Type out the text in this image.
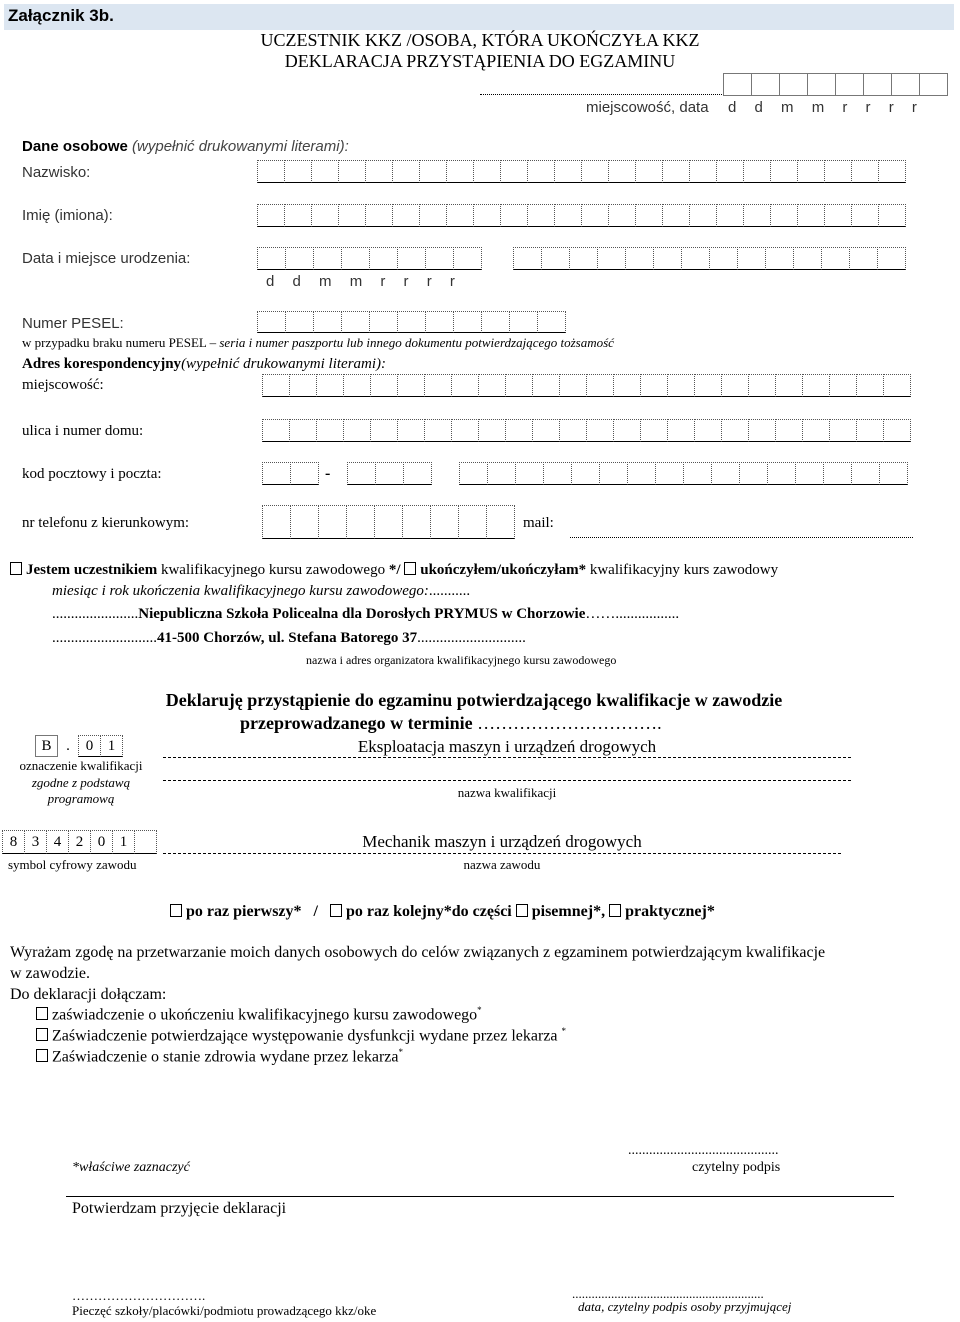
Załącznik 3b.
UCZESTNIK KKZ /OSOBA, KTÓRA UKOŃCZYŁA KKZ
DEKLARACJA PRZYSTĄPIENIA DO EGZAMINU
miejscowość, data d d m m r r r r
Dane osobowe (wypełnić drukowanymi literami):
Nazwisko:
Imię (imiona):
Data i miejsce urodzenia:
d d m m r r r r
Numer PESEL:
w przypadku braku numeru PESEL – seria i numer paszportu lub innego dokumentu potwierdzającego tożsamość
Adres korespondencyjny(wypełnić drukowanymi literami):
miejscowość:
ulica i numer domu:
kod pocztowy i poczta:	-
nr telefonu z kierunkowym:	mail:
Jestem uczestnikiem kwalifikacyjnego kursu zawodowego */ ukończyłem/ukończyłam* kwalifikacyjny kurs zawodowy
miesiąc i rok ukończenia kwalifikacyjnego kursu zawodowego:...........
.......................Niepubliczna Szkoła Policealna dla Dorosłych PRYMUS w Chorzowie…….................
............................41-500 Chorzów, ul. Stefana Batorego 37.............................
nazwa i adres organizatora kwalifikacyjnego kursu zawodowego
Deklaruję przystąpienie do egzaminu potwierdzającego kwalifikacje w zawodzie
przeprowadzanego w terminie ………………………….
B .	0 1
oznaczenie kwalifikacji
zgodne z podstawą
programową
Eksploatacja maszyn i urządzeń drogowych
nazwa kwalifikacji
8 3 4 2 0 1
symbol cyfrowy zawodu
Mechanik maszyn i urządzeń drogowych
nazwa zawodu
po raz pierwszy* / po raz kolejny*do części pisemnej*, praktycznej*
Wyrażam zgodę na przetwarzanie moich danych osobowych do celów związanych z egzaminem potwierdzającym kwalifikacje
w zawodzie.
Do deklaracji dołączam:
zaświadczenie o ukończeniu kwalifikacyjnego kursu zawodowego*
Zaświadczenie potwierdzające występowanie dysfunkcji wydane przez lekarza *
Zaświadczenie o stanie zdrowia wydane przez lekarza*
...........................................
*właściwe zaznaczyć	czytelny podpis
Potwierdzam przyjęcie deklaracji
………………………….	...........................................................
Pieczęć szkoły/placówki/podmiotu prowadzącego kkz/oke	data, czytelny podpis osoby przyjmującej
